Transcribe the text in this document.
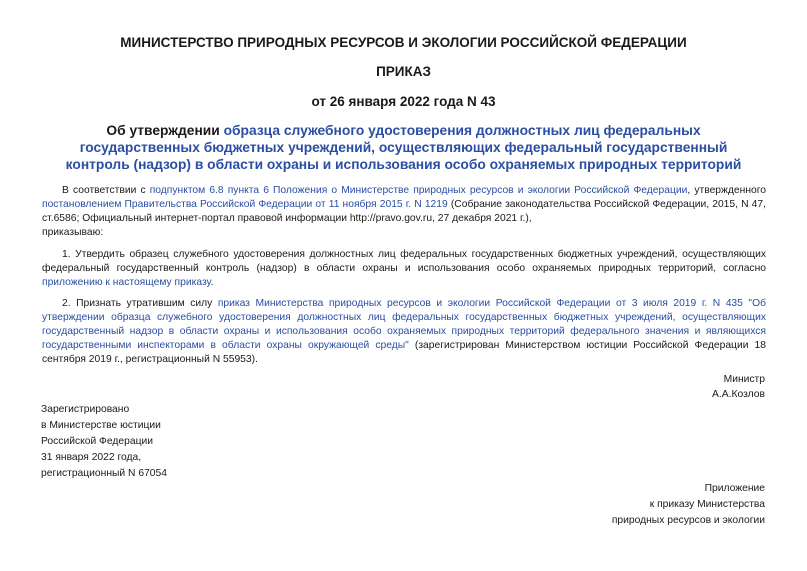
МИНИСТЕРСТВО ПРИРОДНЫХ РЕСУРСОВ И ЭКОЛОГИИ РОССИЙСКОЙ ФЕДЕРАЦИИ
ПРИКАЗ
от 26 января 2022 года N 43
Об утверждении образца служебного удостоверения должностных лиц федеральных государственных бюджетных учреждений, осуществляющих федеральный государственный контроль (надзор) в области охраны и использования особо охраняемых природных территорий
В соответствии с подпунктом 6.8 пункта 6 Положения о Министерстве природных ресурсов и экологии Российской Федерации, утвержденного постановлением Правительства Российской Федерации от 11 ноября 2015 г. N 1219 (Собрание законодательства Российской Федерации, 2015, N 47, ст.6586; Официальный интернет-портал правовой информации http://pravo.gov.ru, 27 декабря 2021 г.),
приказываю:
1. Утвердить образец служебного удостоверения должностных лиц федеральных государственных бюджетных учреждений, осуществляющих федеральный государственный контроль (надзор) в области охраны и использования особо охраняемых природных территорий, согласно приложению к настоящему приказу.
2. Признать утратившим силу приказ Министерства природных ресурсов и экологии Российской Федерации от 3 июля 2019 г. N 435 "Об утверждении образца служебного удостоверения должностных лиц федеральных государственных бюджетных учреждений, осуществляющих государственный надзор в области охраны и использования особо охраняемых природных территорий федерального значения и являющихся государственными инспекторами в области охраны окружающей среды" (зарегистрирован Министерством юстиции Российской Федерации 18 сентября 2019 г., регистрационный N 55953).
Министр
А.А.Козлов
Зарегистрировано
в Министерстве юстиции
Российской Федерации
31 января 2022 года,
регистрационный N 67054
Приложение
к приказу Министерства
природных ресурсов и экологии
